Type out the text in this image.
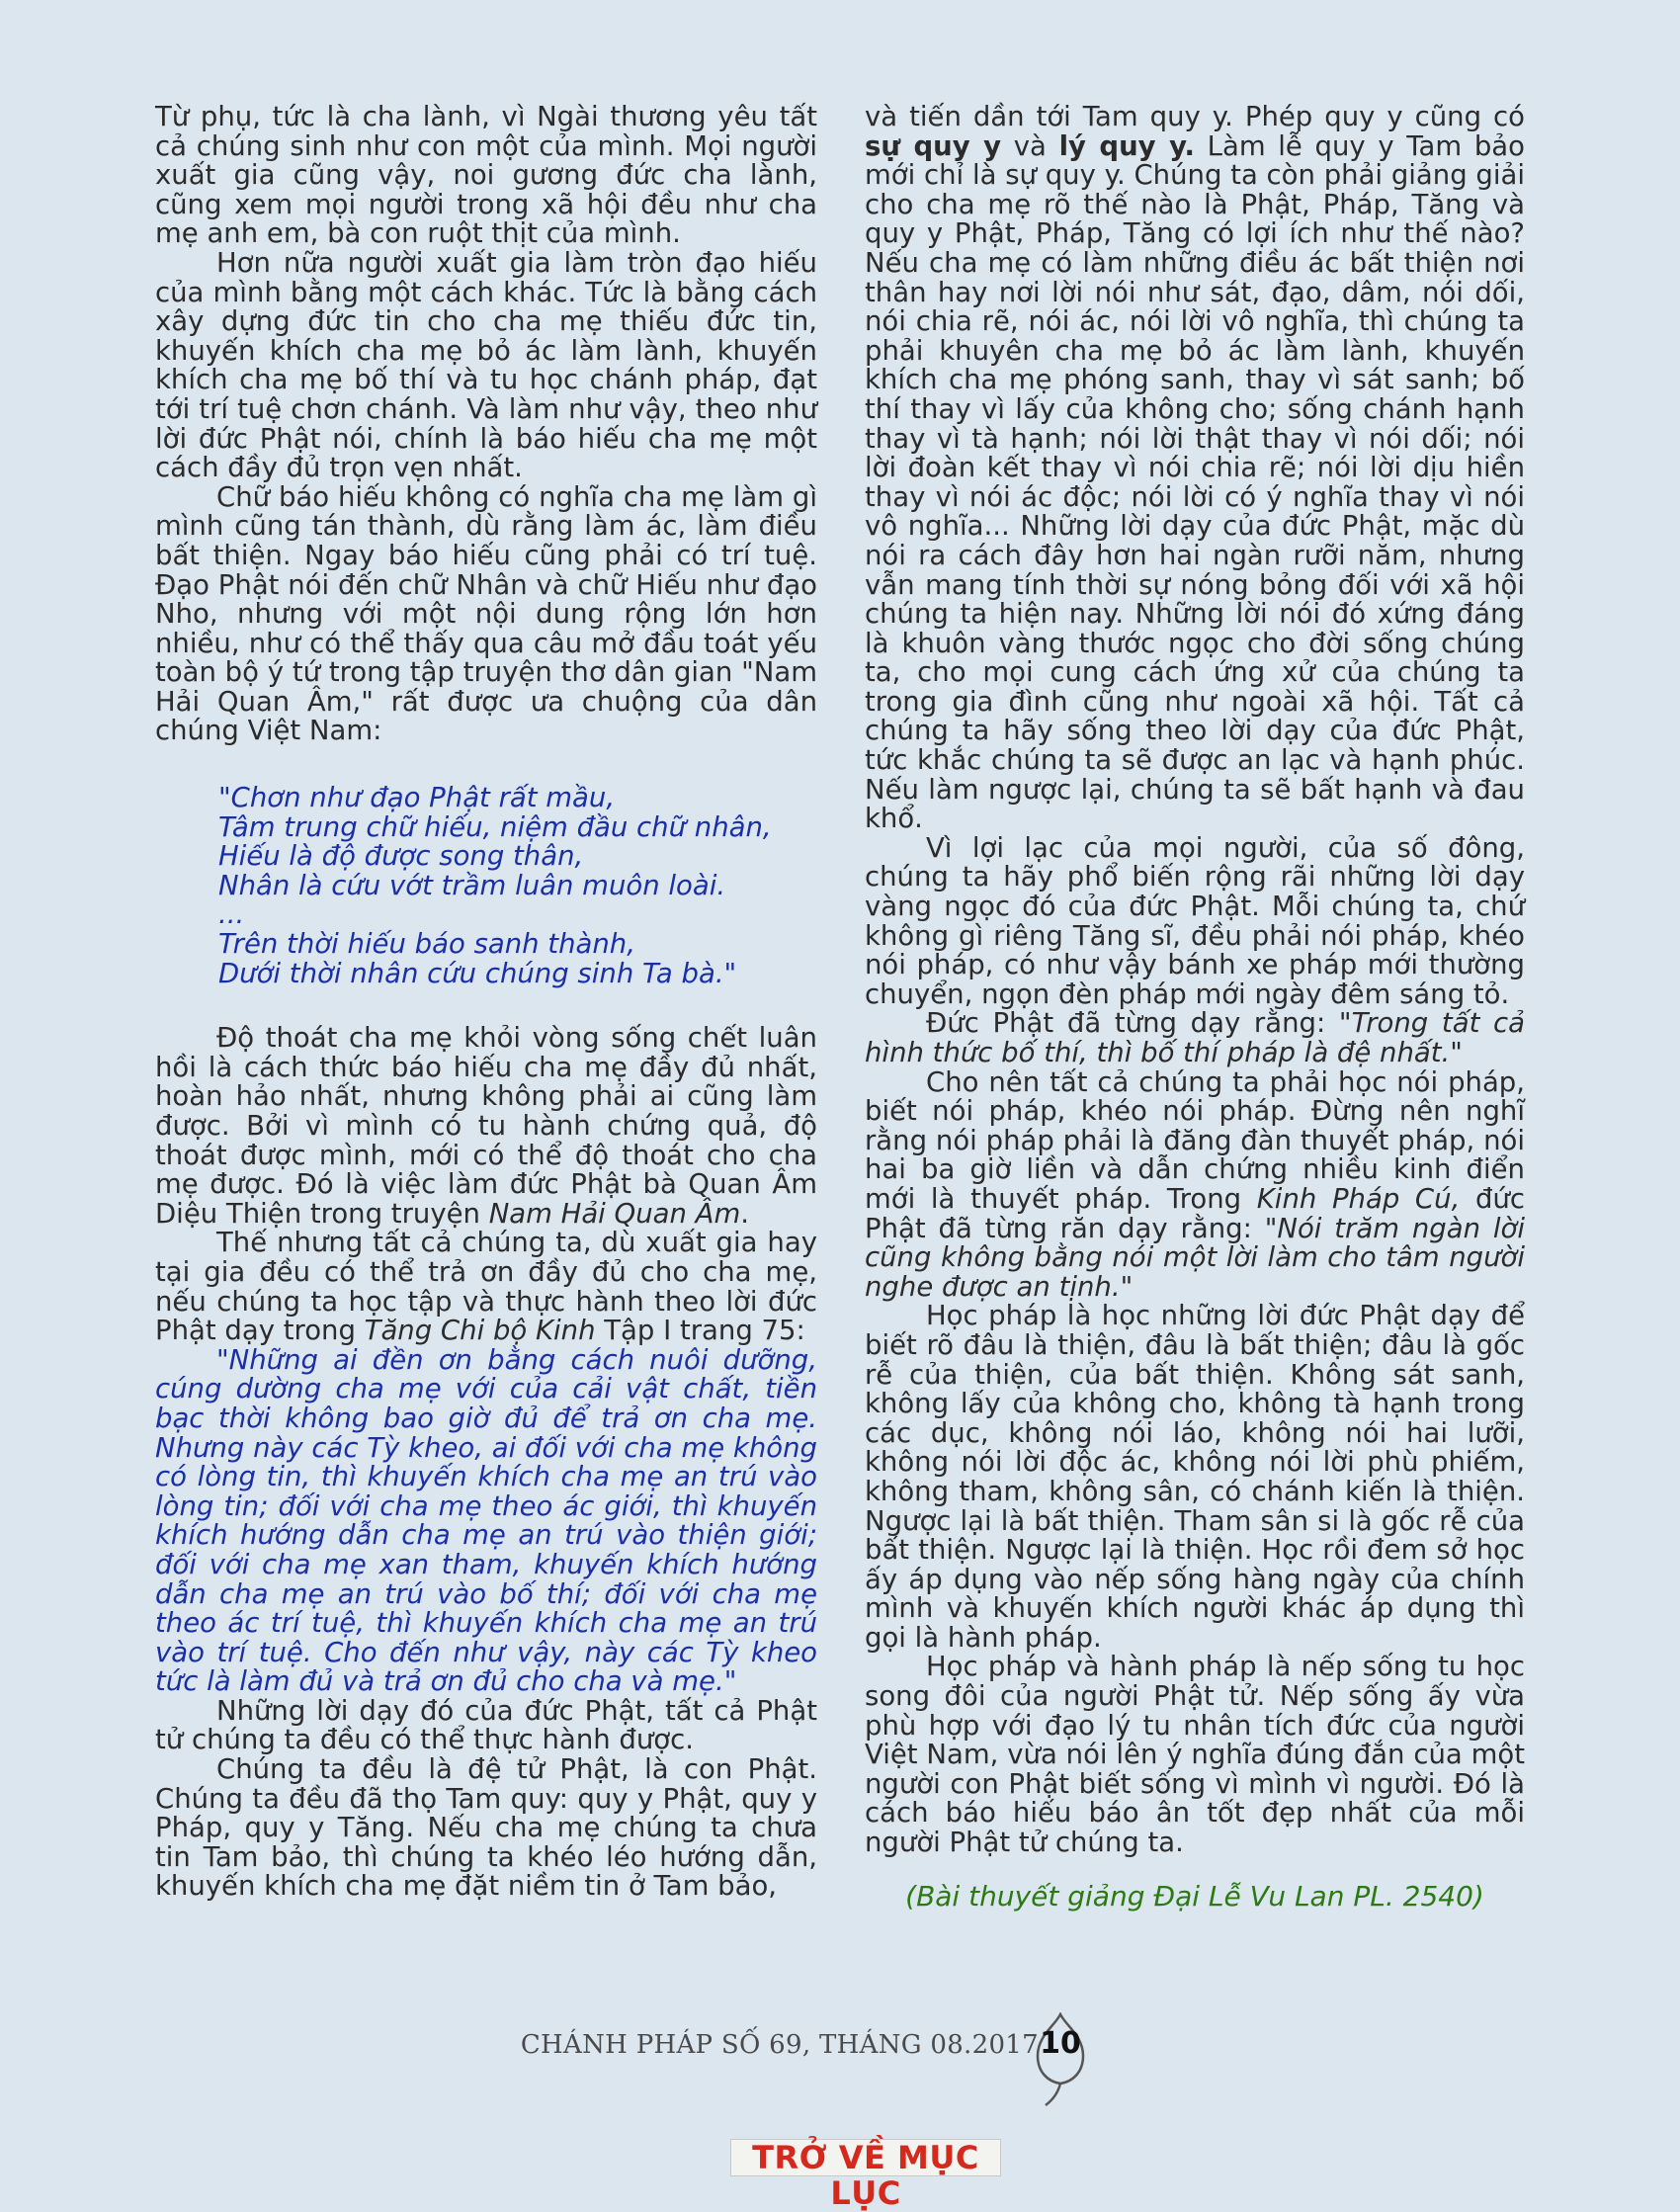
Từ phụ, tức là cha lành, vì Ngài thương yêu tất cả chúng sinh như con một của mình. Mọi người xuất gia cũng vậy, noi gương đức cha lành, cũng xem mọi người trong xã hội đều như cha mẹ anh em, bà con ruột thịt của mình.

Hơn nữa người xuất gia làm tròn đạo hiếu của mình bằng một cách khác. Tức là bằng cách xây dựng đức tin cho cha mẹ thiếu đức tin, khuyến khích cha mẹ bỏ ác làm lành, khuyến khích cha mẹ bố thí và tu học chánh pháp, đạt tới trí tuệ chơn chánh. Và làm như vậy, theo như lời đức Phật nói, chính là báo hiếu cha mẹ một cách đầy đủ trọn vẹn nhất.

Chữ báo hiếu không có nghĩa cha mẹ làm gì mình cũng tán thành, dù rằng làm ác, làm điều bất thiện. Ngay báo hiếu cũng phải có trí tuệ. Đạo Phật nói đến chữ Nhân và chữ Hiếu như đạo Nho, nhưng với một nội dung rộng lớn hơn nhiều, như có thể thấy qua câu mở đầu toát yếu toàn bộ ý tứ trong tập truyện thơ dân gian "Nam Hải Quan Âm," rất được ưa chuộng của dân chúng Việt Nam:

"Chơn như đạo Phật rất mầu,
Tâm trung chữ hiếu, niệm đầu chữ nhân,
Hiếu là độ được song thân,
Nhân là cứu vớt trầm luân muôn loài.
...
Trên thời hiếu báo sanh thành,
Dưới thời nhân cứu chúng sinh Ta bà."

Độ thoát cha mẹ khỏi vòng sống chết luân hồi là cách thức báo hiếu cha mẹ đầy đủ nhất, hoàn hảo nhất, nhưng không phải ai cũng làm được. Bởi vì mình có tu hành chứng quả, độ thoát được mình, mới có thể độ thoát cho cha mẹ được. Đó là việc làm đức Phật bà Quan Âm Diệu Thiện trong truyện Nam Hải Quan Âm.

Thế nhưng tất cả chúng ta, dù xuất gia hay tại gia đều có thể trả ơn đầy đủ cho cha mẹ, nếu chúng ta học tập và thực hành theo lời đức Phật dạy trong Tăng Chi bộ Kinh Tập I trang 75:

"Những ai đền ơn bằng cách nuôi dưỡng, cúng dường cha mẹ với của cải vật chất, tiền bạc thời không bao giờ đủ để trả ơn cha mẹ. Nhưng này các Tỳ kheo, ai đối với cha mẹ không có lòng tin, thì khuyến khích cha mẹ an trú vào lòng tin; đối với cha mẹ theo ác giới, thì khuyến khích hướng dẫn cha mẹ an trú vào thiện giới; đối với cha mẹ xan tham, khuyến khích hướng dẫn cha mẹ an trú vào bố thí; đối với cha mẹ theo ác trí tuệ, thì khuyến khích cha mẹ an trú vào trí tuệ. Cho đến như vậy, này các Tỳ kheo tức là làm đủ và trả ơn đủ cho cha và mẹ."

Những lời dạy đó của đức Phật, tất cả Phật tử chúng ta đều có thể thực hành được.

Chúng ta đều là đệ tử Phật, là con Phật. Chúng ta đều đã thọ Tam quy: quy y Phật, quy y Pháp, quy y Tăng. Nếu cha mẹ chúng ta chưa tin Tam bảo, thì chúng ta khéo léo hướng dẫn, khuyến khích cha mẹ đặt niềm tin ở Tam bảo,

và tiến dần tới Tam quy y. Phép quy y cũng có sự quy y và lý quy y. Làm lễ quy y Tam bảo mới chỉ là sự quy y. Chúng ta còn phải giảng giải cho cha mẹ rõ thế nào là Phật, Pháp, Tăng và quy y Phật, Pháp, Tăng có lợi ích như thế nào? Nếu cha mẹ có làm những điều ác bất thiện nơi thân hay nơi lời nói như sát, đạo, dâm, nói dối, nói chia rẽ, nói ác, nói lời vô nghĩa, thì chúng ta phải khuyên cha mẹ bỏ ác làm lành, khuyến khích cha mẹ phóng sanh, thay vì sát sanh; bố thí thay vì lấy của không cho; sống chánh hạnh thay vì tà hạnh; nói lời thật thay vì nói dối; nói lời đoàn kết thay vì nói chia rẽ; nói lời dịu hiền thay vì nói ác độc; nói lời có ý nghĩa thay vì nói vô nghĩa... Những lời dạy của đức Phật, mặc dù nói ra cách đây hơn hai ngàn rưỡi năm, nhưng vẫn mang tính thời sự nóng bỏng đối với xã hội chúng ta hiện nay. Những lời nói đó xứng đáng là khuôn vàng thước ngọc cho đời sống chúng ta, cho mọi cung cách ứng xử của chúng ta trong gia đình cũng như ngoài xã hội. Tất cả chúng ta hãy sống theo lời dạy của đức Phật, tức khắc chúng ta sẽ được an lạc và hạnh phúc. Nếu làm ngược lại, chúng ta sẽ bất hạnh và đau khổ.

Vì lợi lạc của mọi người, của số đông, chúng ta hãy phổ biến rộng rãi những lời dạy vàng ngọc đó của đức Phật. Mỗi chúng ta, chứ không gì riêng Tăng sĩ, đều phải nói pháp, khéo nói pháp, có như vậy bánh xe pháp mới thường chuyển, ngọn đèn pháp mới ngày đêm sáng tỏ.

Đức Phật đã từng dạy rằng: "Trong tất cả hình thức bố thí, thì bố thí pháp là đệ nhất."

Cho nên tất cả chúng ta phải học nói pháp, biết nói pháp, khéo nói pháp. Đừng nên nghĩ rằng nói pháp phải là đăng đàn thuyết pháp, nói hai ba giờ liền và dẫn chứng nhiều kinh điển mới là thuyết pháp. Trong Kinh Pháp Cú, đức Phật đã từng răn dạy rằng: "Nói trăm ngàn lời cũng không bằng nói một lời làm cho tâm người nghe được an tịnh."

Học pháp là học những lời đức Phật dạy để biết rõ đâu là thiện, đâu là bất thiện; đâu là gốc rễ của thiện, của bất thiện. Không sát sanh, không lấy của không cho, không tà hạnh trong các dục, không nói láo, không nói hai lưỡi, không nói lời độc ác, không nói lời phù phiếm, không tham, không sân, có chánh kiến là thiện. Ngược lại là bất thiện. Tham sân si là gốc rễ của bất thiện. Ngược lại là thiện. Học rồi đem sở học ấy áp dụng vào nếp sống hàng ngày của chính mình và khuyến khích người khác áp dụng thì gọi là hành pháp.

Học pháp và hành pháp là nếp sống tu học song đôi của người Phật tử. Nếp sống ấy vừa phù hợp với đạo lý tu nhân tích đức của người Việt Nam, vừa nói lên ý nghĩa đúng đắn của một người con Phật biết sống vì mình vì người. Đó là cách báo hiếu báo ân tốt đẹp nhất của mỗi người Phật tử chúng ta.

(Bài thuyết giảng Đại Lễ Vu Lan PL. 2540)

CHÁNH PHÁP SỐ 69, THÁNG 08.2017 10
TRỞ VỀ MỤC LỤC
